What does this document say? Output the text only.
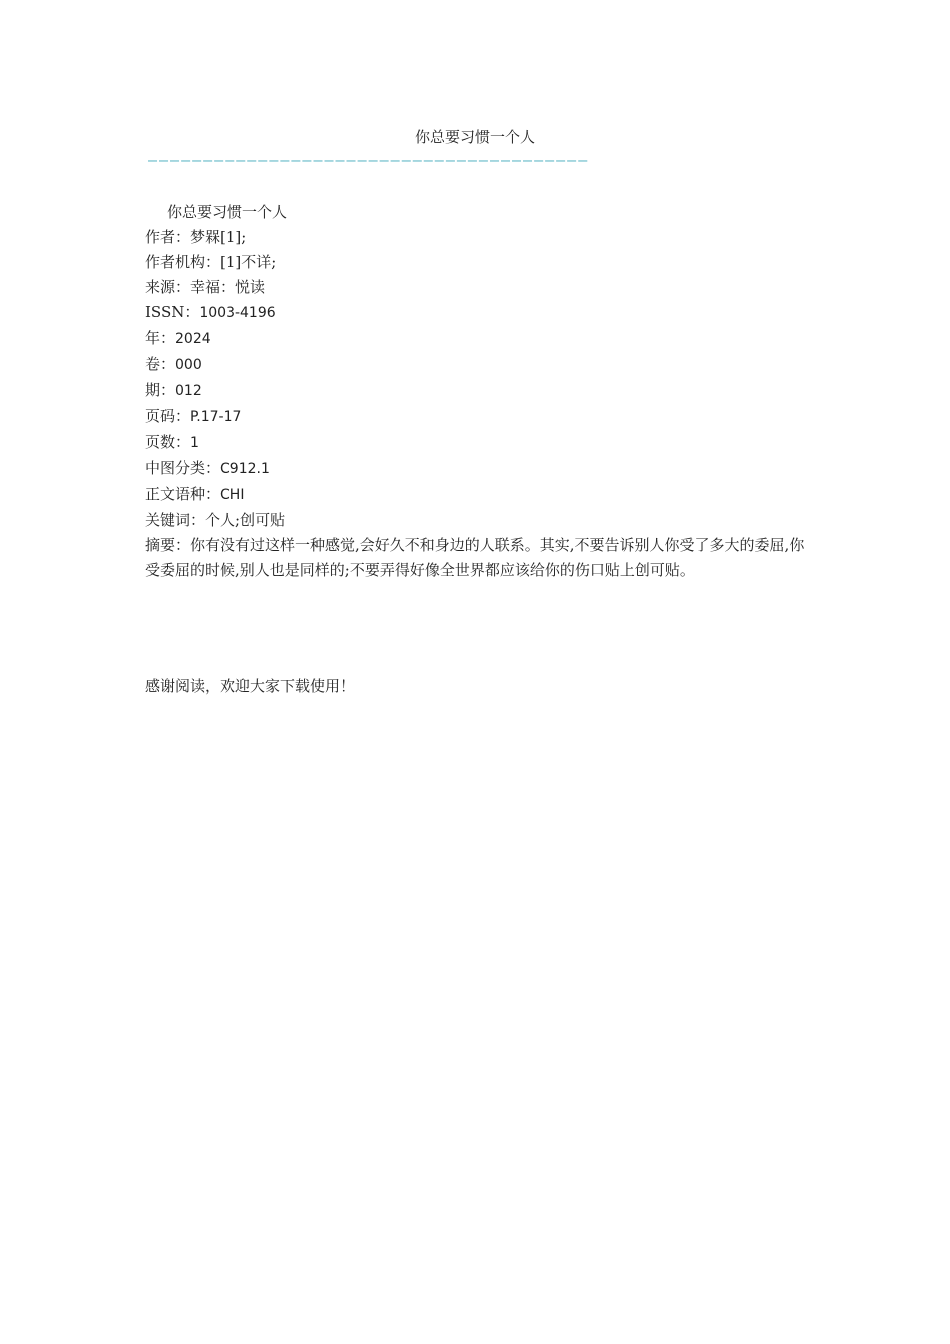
你总要习惯一个人
————————————————————————————————————————
你总要习惯一个人
作者：梦槑[1];
作者机构：[1]不详;
来源：幸福：悦读
ISSN：1003-4196
年：2024
卷：000
期：012
页码：P.17-17
页数：1
中图分类：C912.1
正文语种：CHI
关键词：个人;创可贴
摘要：你有没有过这样一种感觉,会好久不和身边的人联系。其实,不要告诉别人你受了多大的委屈,你受委屈的时候,别人也是同样的;不要弄得好像全世界都应该给你的伤口贴上创可贴。
感谢阅读，欢迎大家下载使用！
